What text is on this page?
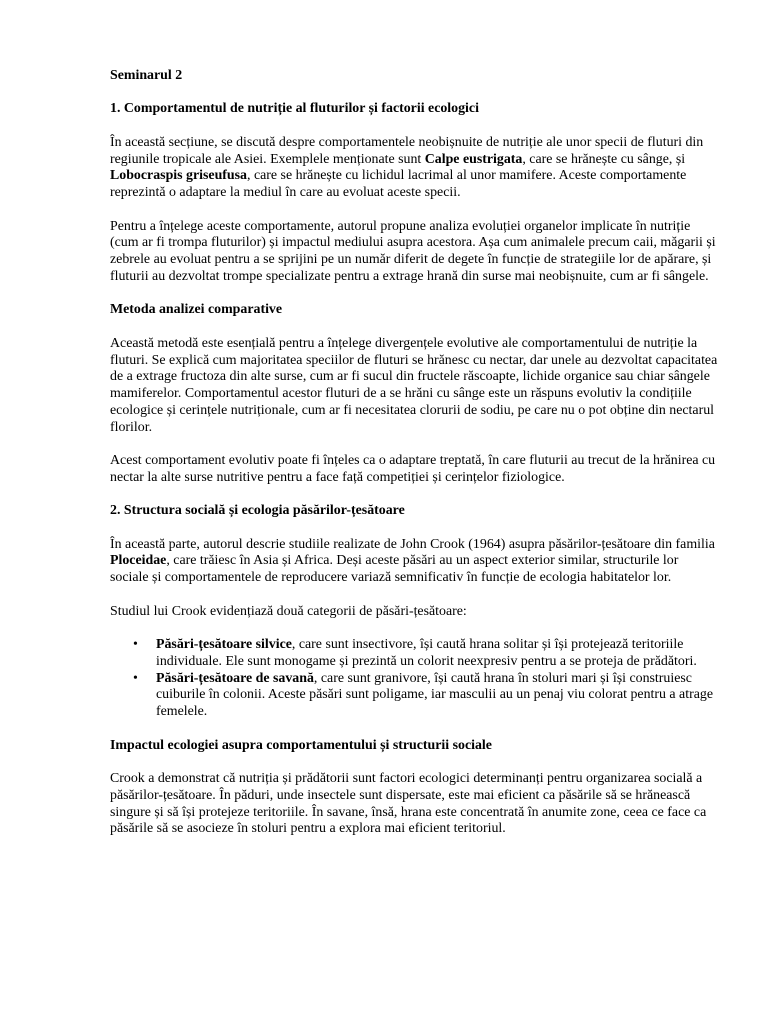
Seminarul 2
1. Comportamentul de nutriție al fluturilor și factorii ecologici

În această secțiune, se discută despre comportamentele neobișnuite de nutriție ale unor specii de fluturi din regiunile tropicale ale Asiei. Exemplele menționate sunt Calpe eustrigata, care se hrănește cu sânge, și Lobocraspis griseufusa, care se hrănește cu lichidul lacrimal al unor mamifere. Aceste comportamente reprezintă o adaptare la mediul în care au evoluat aceste specii.

Pentru a înțelege aceste comportamente, autorul propune analiza evoluției organelor implicate în nutriție (cum ar fi trompa fluturilor) și impactul mediului asupra acestora. Așa cum animalele precum caii, măgarii și zebrele au evoluat pentru a se sprijini pe un număr diferit de degete în funcție de strategiile lor de apărare, și fluturii au dezvoltat trompe specializate pentru a extrage hrană din surse mai neobișnuite, cum ar fi sângele.

Metoda analizei comparative

Această metodă este esențială pentru a înțelege divergențele evolutive ale comportamentului de nutriție la fluturi. Se explică cum majoritatea speciilor de fluturi se hrănesc cu nectar, dar unele au dezvoltat capacitatea de a extrage fructoza din alte surse, cum ar fi sucul din fructele răscoapte, lichide organice sau chiar sângele mamiferelor. Comportamentul acestor fluturi de a se hrăni cu sânge este un răspuns evolutiv la condițiile ecologice și cerințele nutriționale, cum ar fi necesitatea clorurii de sodiu, pe care nu o pot obține din nectarul florilor.

Acest comportament evolutiv poate fi înțeles ca o adaptare treptată, în care fluturii au trecut de la hrănirea cu nectar la alte surse nutritive pentru a face față competiției și cerințelor fiziologice.

2. Structura socială și ecologia păsărilor-țesătoare

În această parte, autorul descrie studiile realizate de John Crook (1964) asupra păsărilor-țesătoare din familia Ploceidae, care trăiesc în Asia și Africa. Deși aceste păsări au un aspect exterior similar, structurile lor sociale și comportamentele de reproducere variază semnificativ în funcție de ecologia habitatelor lor.

Studiul lui Crook evidențiază două categorii de păsări-țesătoare:

• Păsări-țesătoare silvice, care sunt insectivore, își caută hrana solitar și își protejează teritoriile individuale. Ele sunt monogame și prezintă un colorit neexpresiv pentru a se proteja de prădători.
• Păsări-țesătoare de savană, care sunt granivore, își caută hrana în stoluri mari și își construiesc cuiburile în colonii. Aceste păsări sunt poligame, iar masculii au un penaj viu colorat pentru a atrage femelele.
Impactul ecologiei asupra comportamentului și structurii sociale

Crook a demonstrat că nutriția și prădătorii sunt factori ecologici determinanți pentru organizarea socială a păsărilor-țesătoare. În păduri, unde insectele sunt dispersate, este mai eficient ca păsările să se hrănească singure și să își protejeze teritoriile. În savane, însă, hrana este concentrată în anumite zone, ceea ce face ca păsările să se asocieze în stoluri pentru a explora mai eficient teritoriul.
